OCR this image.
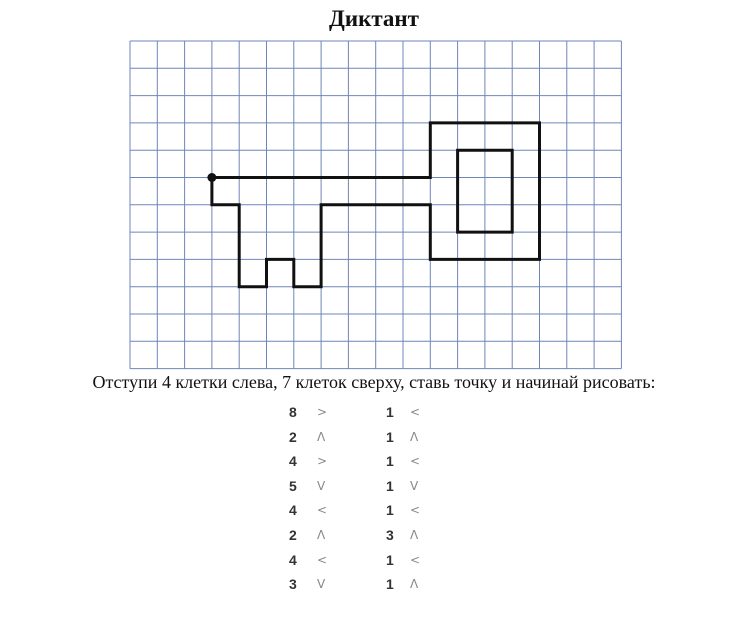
Диктант
Отступи 4 клетки слева, 7 клеток сверху, ставь точку и начинай рисовать:
8 >
2 Λ
4 >
5 V
4 <
2 Λ
4 <
3 V
1 <
1 Λ
1 <
1 V
1 <
3 Λ
1 <
1 Λ
